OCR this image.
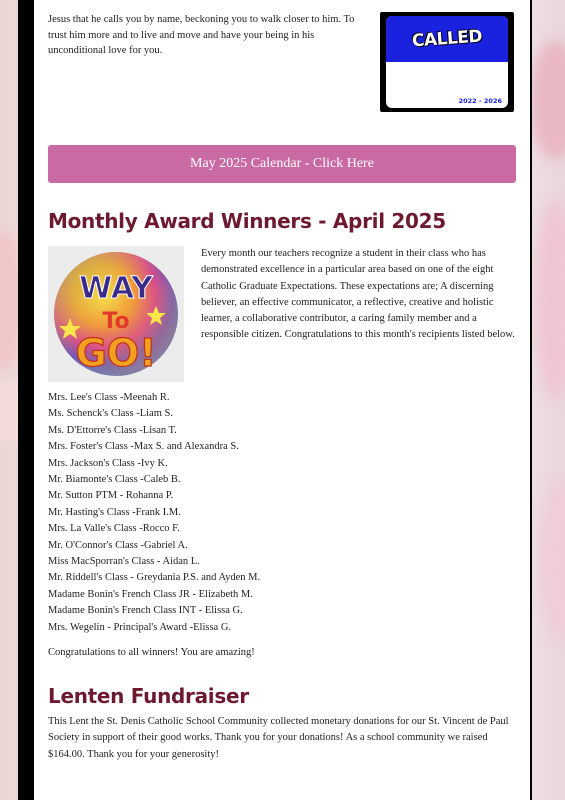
Jesus that he calls you by name, beckoning you to walk closer to him. To trust him more and to live and move and have your being in his unconditional love for you.	CALLED
2022 - 2026
May 2025 Calendar - Click Here
Monthly Award Winners - April 2025
WAY
To
GO!

Every month our teachers recognize a student in their class who has demonstrated excellence in a particular area based on one of the eight Catholic Graduate Expectations. These expectations are; A discerning believer, an effective communicator, a reflective, creative and holistic learner, a collaborative contributor, a caring family member and a responsible citizen. Congratulations to this month's recipients listed below.

Mrs. Lee's Class -Meenah R.
Ms. Schenck's Class -Liam S.
Ms. D'Ettorre's Class -Lisan T.
Mrs. Foster's Class -Max S. and Alexandra S.
Mrs. Jackson's Class -Ivy K.
Mr. Biamonte's Class -Caleb B.
Mr. Sutton PTM - Rohanna P.
Mr. Hasting's Class -Frank I.M.
Mrs. La Valle's Class -Rocco F.
Mr. O'Connor's Class -Gabriel A.
Miss MacSporran's Class - Aidan L.
Mr. Riddell's Class - Greydania P.S. and Ayden M.
Madame Bonin's French Class JR - Elizabeth M.
Madame Bonin's French Class INT - Elissa G.
Mrs. Wegelin - Principal's Award -Elissa G.

Congratulations to all winners! You are amazing!

Lenten Fundraiser

This Lent the St. Denis Catholic School Community collected monetary donations for our St. Vincent de Paul Society in support of their good works. Thank you for your donations! As a school community we raised $164.00. Thank you for your generosity!
